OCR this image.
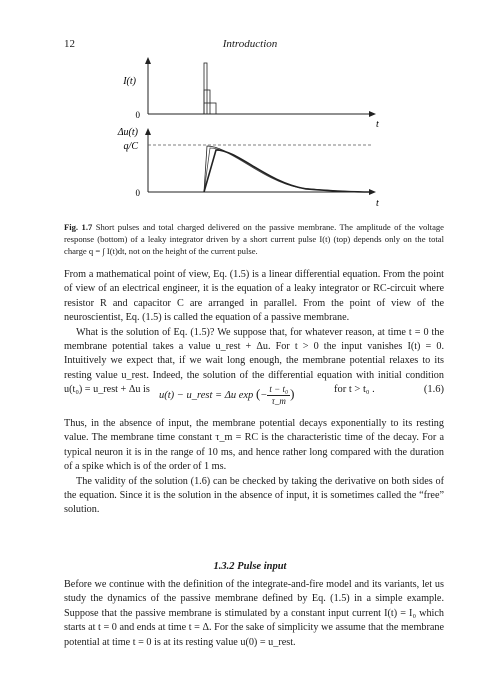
12	Introduction
I(t)
0
t
Δu(t)
q/C
0
t
Fig. 1.7 Short pulses and total charged delivered on the passive membrane. The amplitude of the voltage response (bottom) of a leaky integrator driven by a short current pulse I(t) (top) depends only on the total charge q = ∫ I(t)dt, not on the height of the current pulse.

From a mathematical point of view, Eq. (1.5) is a linear differential equation. From the point of view of an electrical engineer, it is the equation of a leaky integrator or RC-circuit where resistor R and capacitor C are arranged in parallel. From the point of view of the neuroscientist, Eq. (1.5) is called the equation of a passive membrane.

What is the solution of Eq. (1.5)? We suppose that, for whatever reason, at time t = 0 the membrane potential takes a value u_rest + Δu. For t > 0 the input vanishes I(t) = 0. Intuitively we expect that, if we wait long enough, the membrane potential relaxes to its resting value u_rest. Indeed, the solution of the differential equation with initial condition u(t₀) = u_rest + Δu is

u(t) − u_rest = Δu exp (− $\frac{\text{t − t₀}}{\tau\_m}$ )	for t > t₀ .	(1.6)

Thus, in the absence of input, the membrane potential decays exponentially to its resting value. The membrane time constant τ_m = RC is the characteristic time of the decay. For a typical neuron it is in the range of 10 ms, and hence rather long compared with the duration of a spike which is of the order of 1 ms.

The validity of the solution (1.6) can be checked by taking the derivative on both sides of the equation. Since it is the solution in the absence of input, it is sometimes called the “free” solution.

1.3.2 Pulse input

Before we continue with the definition of the integrate-and-fire model and its variants, let us study the dynamics of the passive membrane defined by Eq. (1.5) in a simple example. Suppose that the passive membrane is stimulated by a constant input current I(t) = I₀ which starts at t = 0 and ends at time t = Δ. For the sake of simplicity we assume that the membrane potential at time t = 0 is at its resting value u(0) = u_rest.
